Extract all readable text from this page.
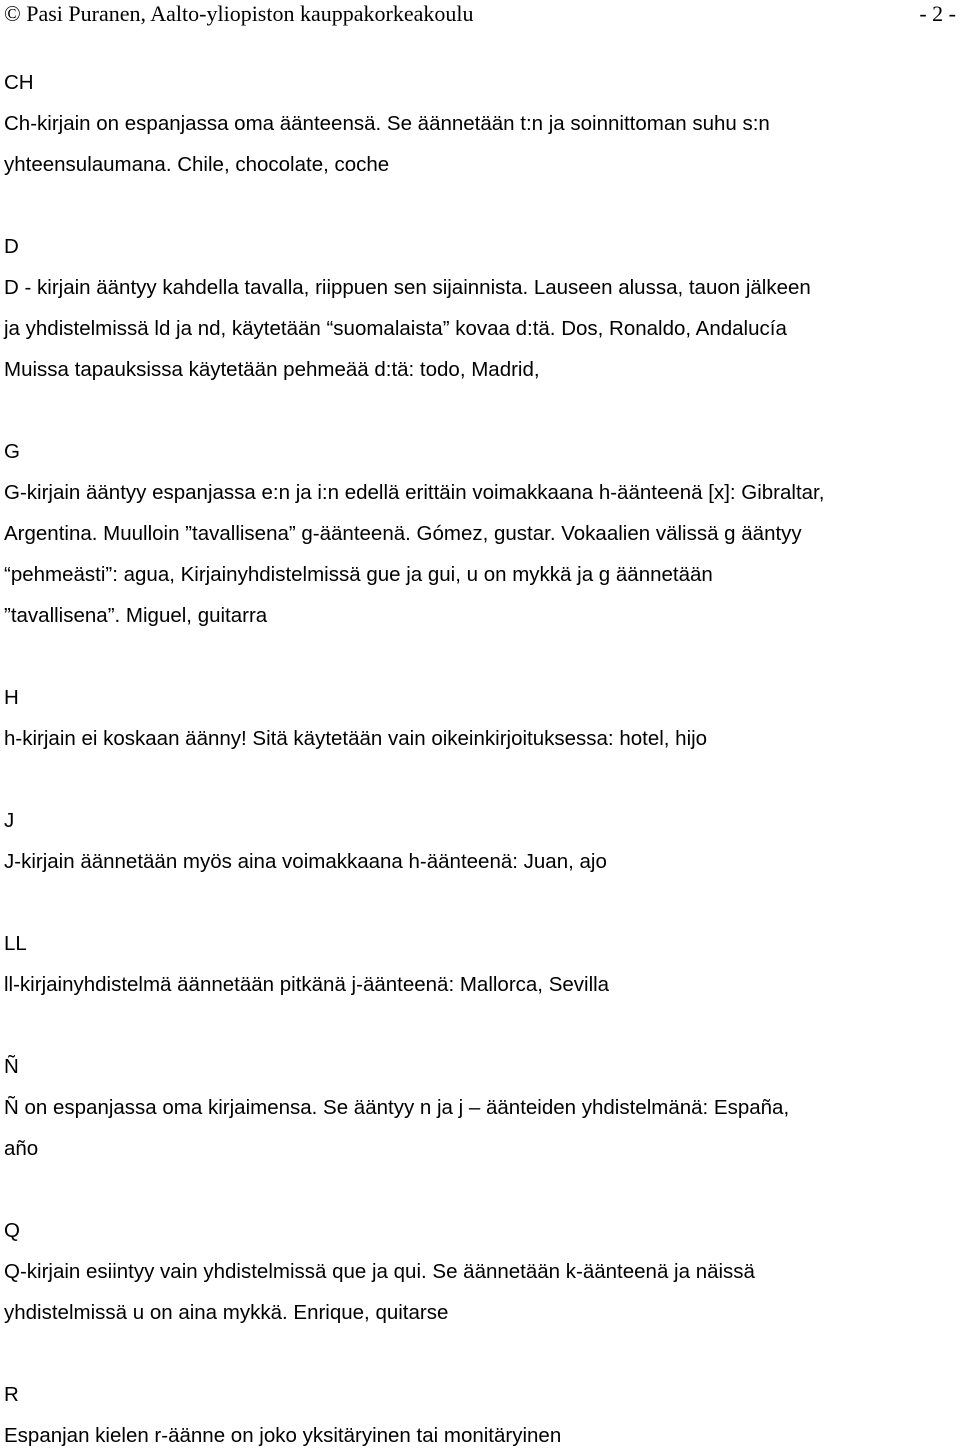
© Pasi Puranen, Aalto-yliopiston kauppakorkeakoulu	- 2 -
CH

Ch-kirjain on espanjassa oma äänteensä. Se äännetään t:n ja soinnittoman suhu s:n
yhteensulaumana. Chile, chocolate, coche

D

D - kirjain ääntyy kahdella tavalla, riippuen sen sijainnista. Lauseen alussa, tauon jälkeen
ja yhdistelmissä ld ja nd, käytetään “suomalaista” kovaa d:tä. Dos, Ronaldo, Andalucía
Muissa tapauksissa käytetään pehmeää d:tä: todo, Madrid,

G

G-kirjain ääntyy espanjassa e:n ja i:n edellä erittäin voimakkaana h-äänteenä [x]: Gibraltar,
Argentina. Muulloin ”tavallisena” g-äänteenä. Gómez, gustar. Vokaalien välissä g ääntyy
“pehmeästi”: agua, Kirjainyhdistelmissä gue ja gui, u on mykkä ja g äännetään
”tavallisena”. Miguel, guitarra

H

h-kirjain ei koskaan äänny! Sitä käytetään vain oikeinkirjoituksessa: hotel, hijo

J

J-kirjain äännetään myös aina voimakkaana h-äänteenä: Juan, ajo

LL

ll-kirjainyhdistelmä äännetään pitkänä j-äänteenä: Mallorca, Sevilla

Ñ

Ñ on espanjassa oma kirjaimensa. Se ääntyy n ja j – äänteiden yhdistelmänä: España,
año

Q

Q-kirjain esiintyy vain yhdistelmissä que ja qui. Se äännetään k-äänteenä ja näissä
yhdistelmissä u on aina mykkä. Enrique, quitarse

R

Espanjan kielen r-äänne on joko yksitäryinen tai monitäryinen
